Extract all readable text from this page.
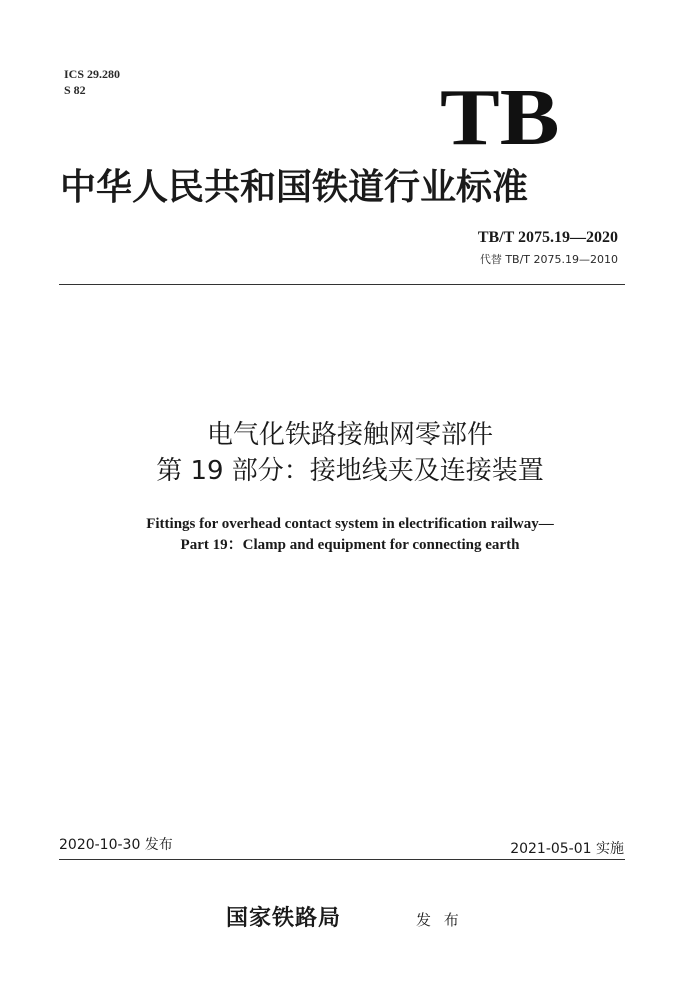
ICS 29.280
S 82	TB
中华人民共和国铁道行业标准
TB/T 2075.19—2020
代替 TB/T 2075.19—2010
电气化铁路接触网零部件
第 19 部分：接地线夹及连接装置
Fittings for overhead contact system in electrification railway—
Part 19：Clamp and equipment for connecting earth
2020-10-30 发布	2021-05-01 实施
国家铁路局	发 布
